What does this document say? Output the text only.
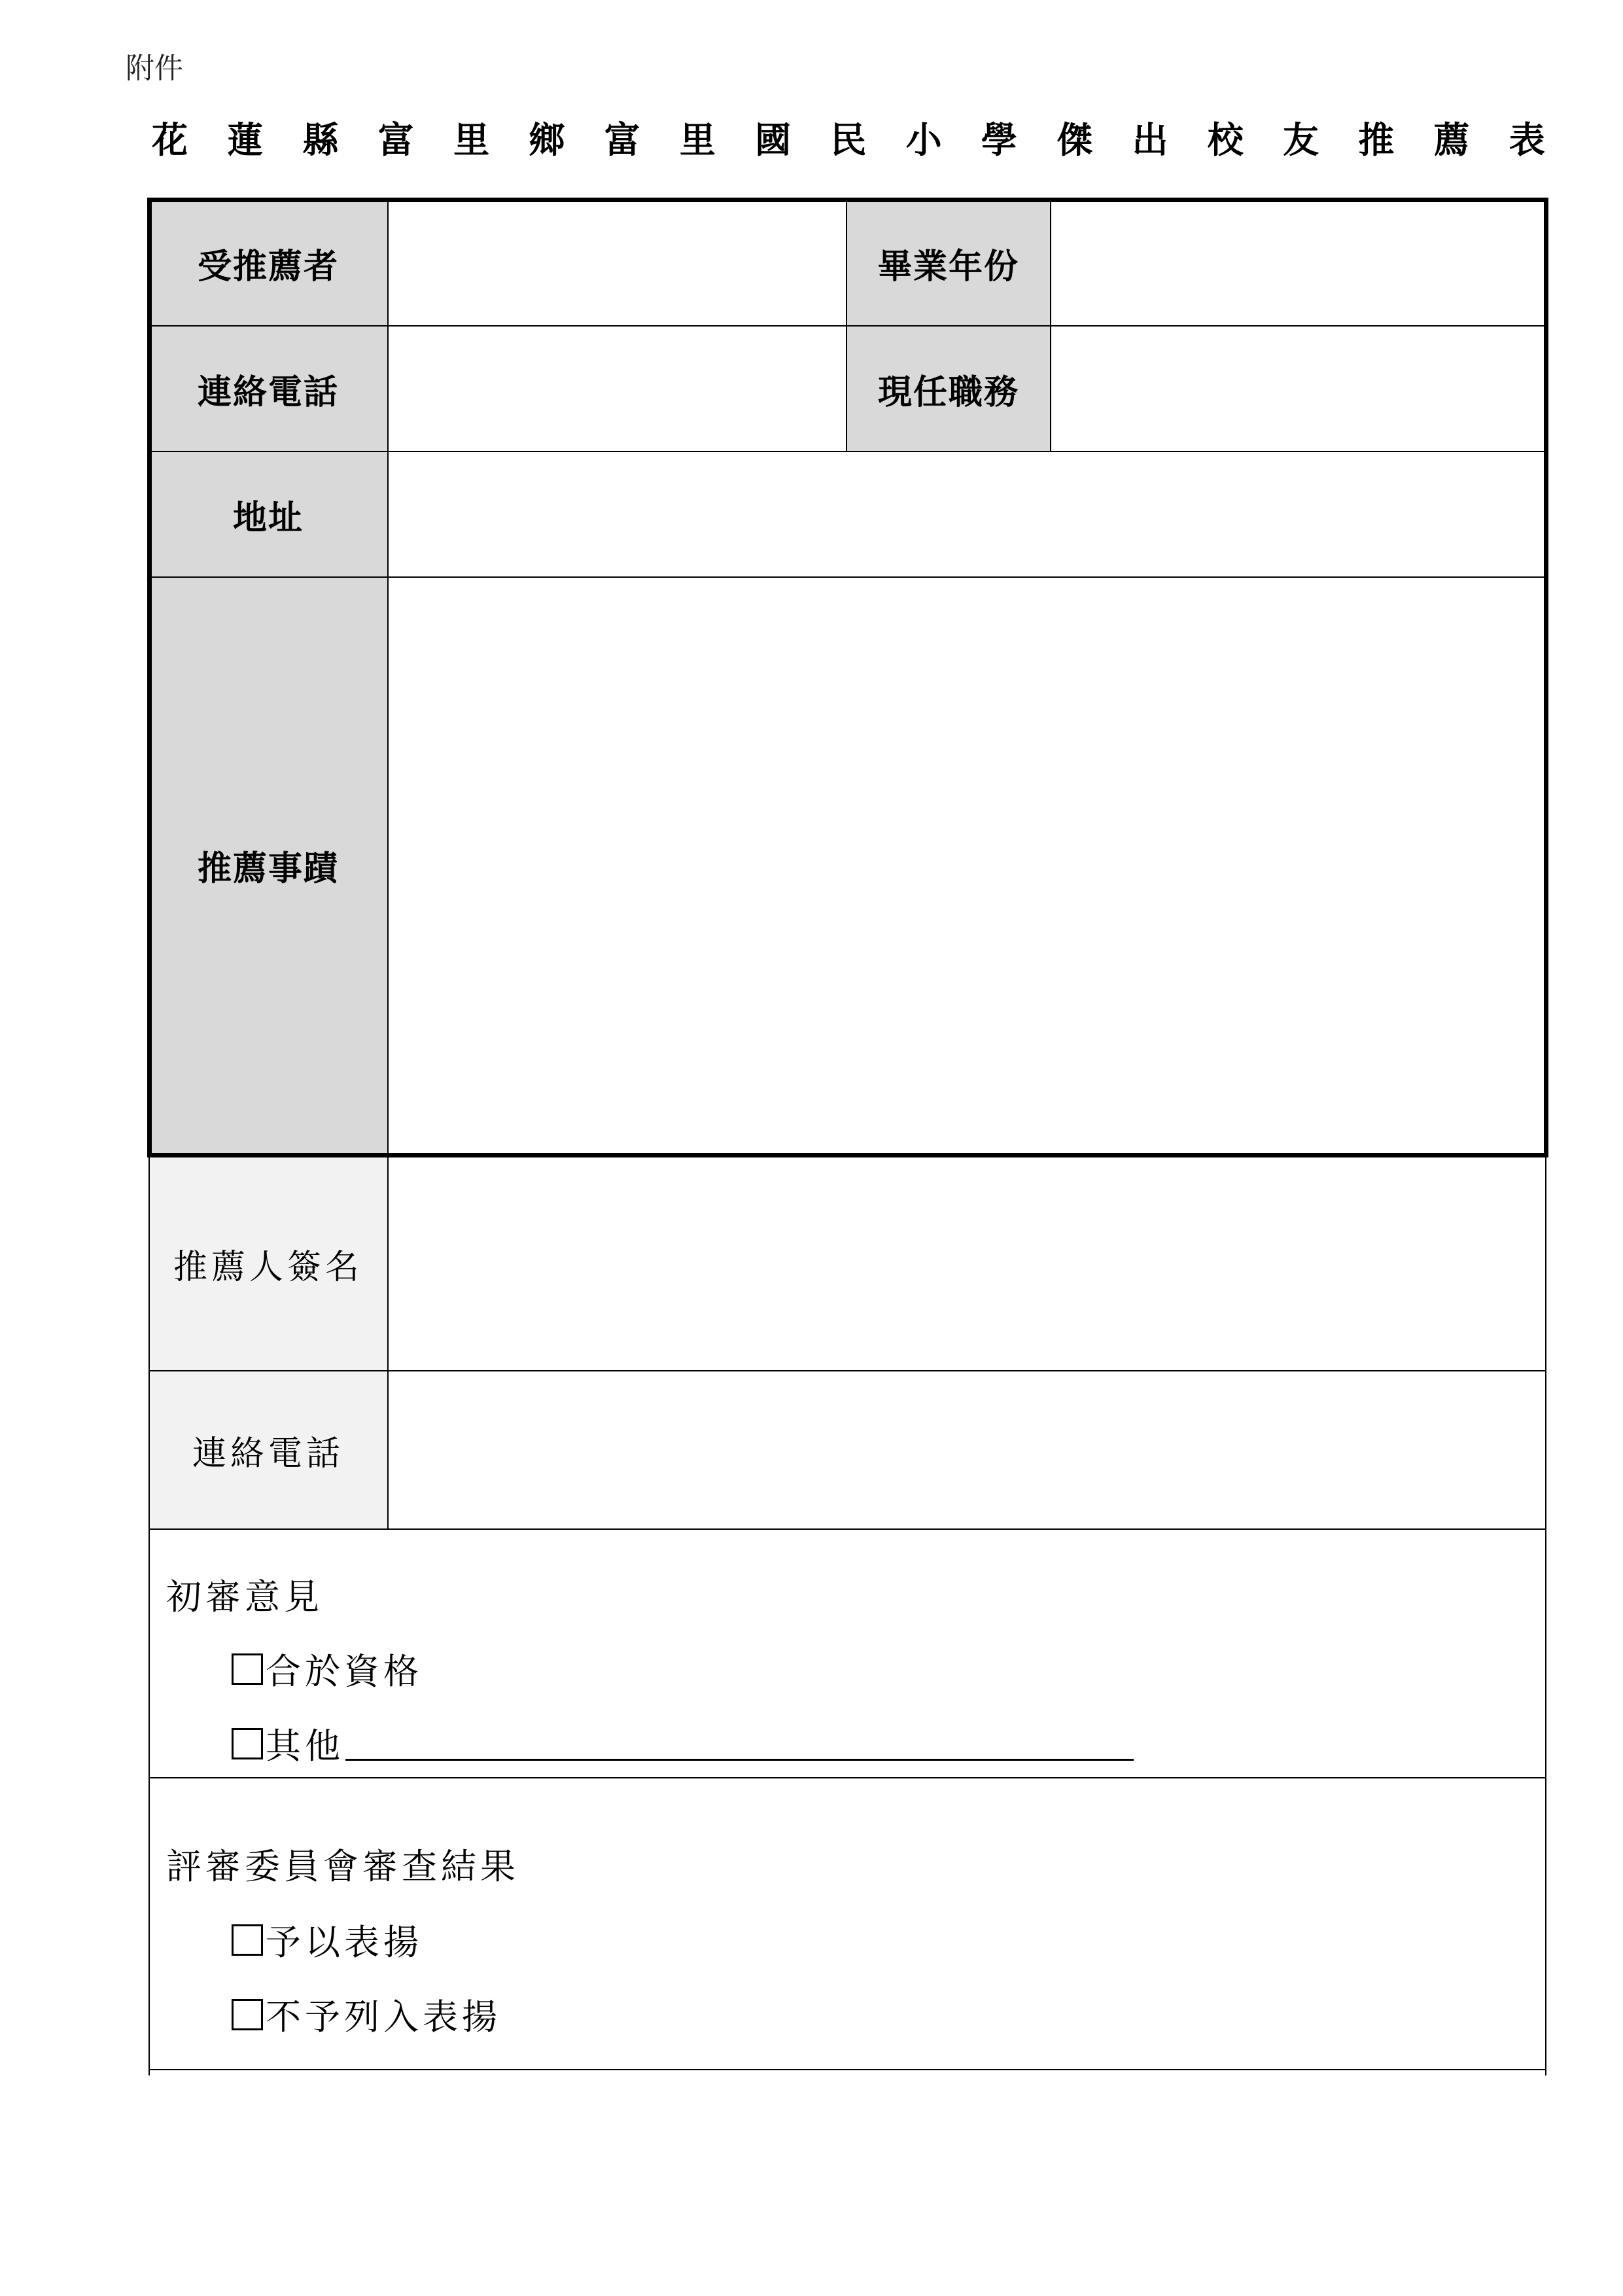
附件
花 蓮 縣 富 里 鄉 富 里 國 民 小 學 傑 出 校 友 推 薦 表
受推薦者	畢業年份
連絡電話	現任職務
地址
推薦事蹟
推薦人簽名
連絡電話
初審意見
合於資格
其他
評審委員會審查結果
予以表揚
不予列入表揚
